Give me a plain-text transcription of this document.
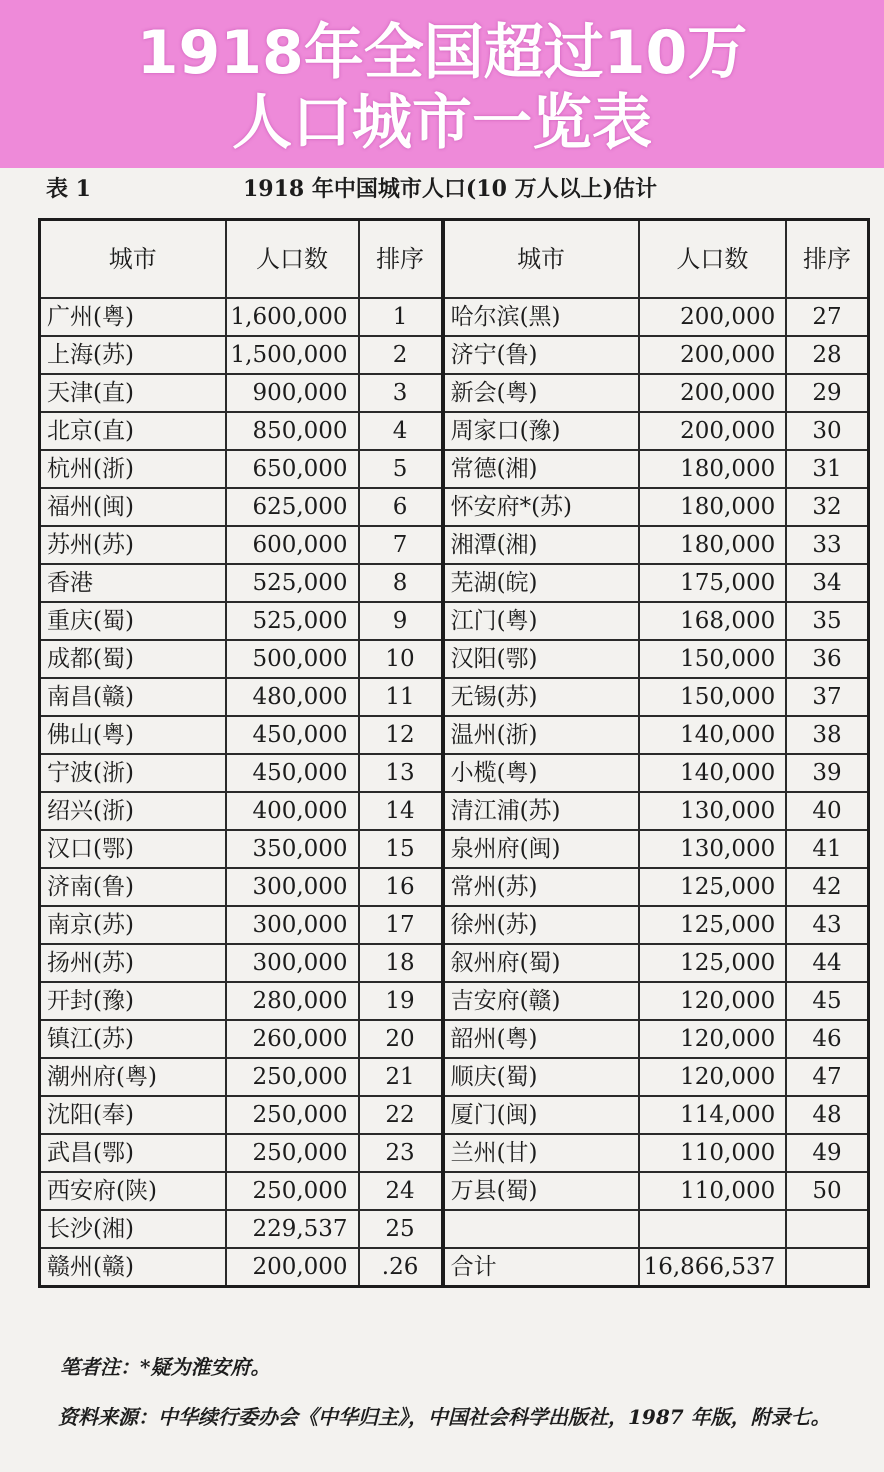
1918年全国超过10万
人口城市一览表
表 1	1918 年中国城市人口(10 万人以上)估计
城市	人口数	排序	城市	人口数	排序
广州(粤)	1,600,000	1	哈尔滨(黑)	200,000	27
上海(苏)	1,500,000	2	济宁(鲁)	200,000	28
天津(直)	900,000	3	新会(粤)	200,000	29
北京(直)	850,000	4	周家口(豫)	200,000	30
杭州(浙)	650,000	5	常德(湘)	180,000	31
福州(闽)	625,000	6	怀安府*(苏)	180,000	32
苏州(苏)	600,000	7	湘潭(湘)	180,000	33
香港	525,000	8	芜湖(皖)	175,000	34
重庆(蜀)	525,000	9	江门(粤)	168,000	35
成都(蜀)	500,000	10	汉阳(鄂)	150,000	36
南昌(赣)	480,000	11	无锡(苏)	150,000	37
佛山(粤)	450,000	12	温州(浙)	140,000	38
宁波(浙)	450,000	13	小榄(粤)	140,000	39
绍兴(浙)	400,000	14	清江浦(苏)	130,000	40
汉口(鄂)	350,000	15	泉州府(闽)	130,000	41
济南(鲁)	300,000	16	常州(苏)	125,000	42
南京(苏)	300,000	17	徐州(苏)	125,000	43
扬州(苏)	300,000	18	叙州府(蜀)	125,000	44
开封(豫)	280,000	19	吉安府(赣)	120,000	45
镇江(苏)	260,000	20	韶州(粤)	120,000	46
潮州府(粤)	250,000	21	顺庆(蜀)	120,000	47
沈阳(奉)	250,000	22	厦门(闽)	114,000	48
武昌(鄂)	250,000	23	兰州(甘)	110,000	49
西安府(陕)	250,000	24	万县(蜀)	110,000	50
长沙(湘)	229,537	25			
赣州(赣)	200,000	.26	合计	16,866,537	
笔者注：*疑为淮安府。
资料来源：中华续行委办会《中华归主》，中国社会科学出版社，1987 年版，附录七。
